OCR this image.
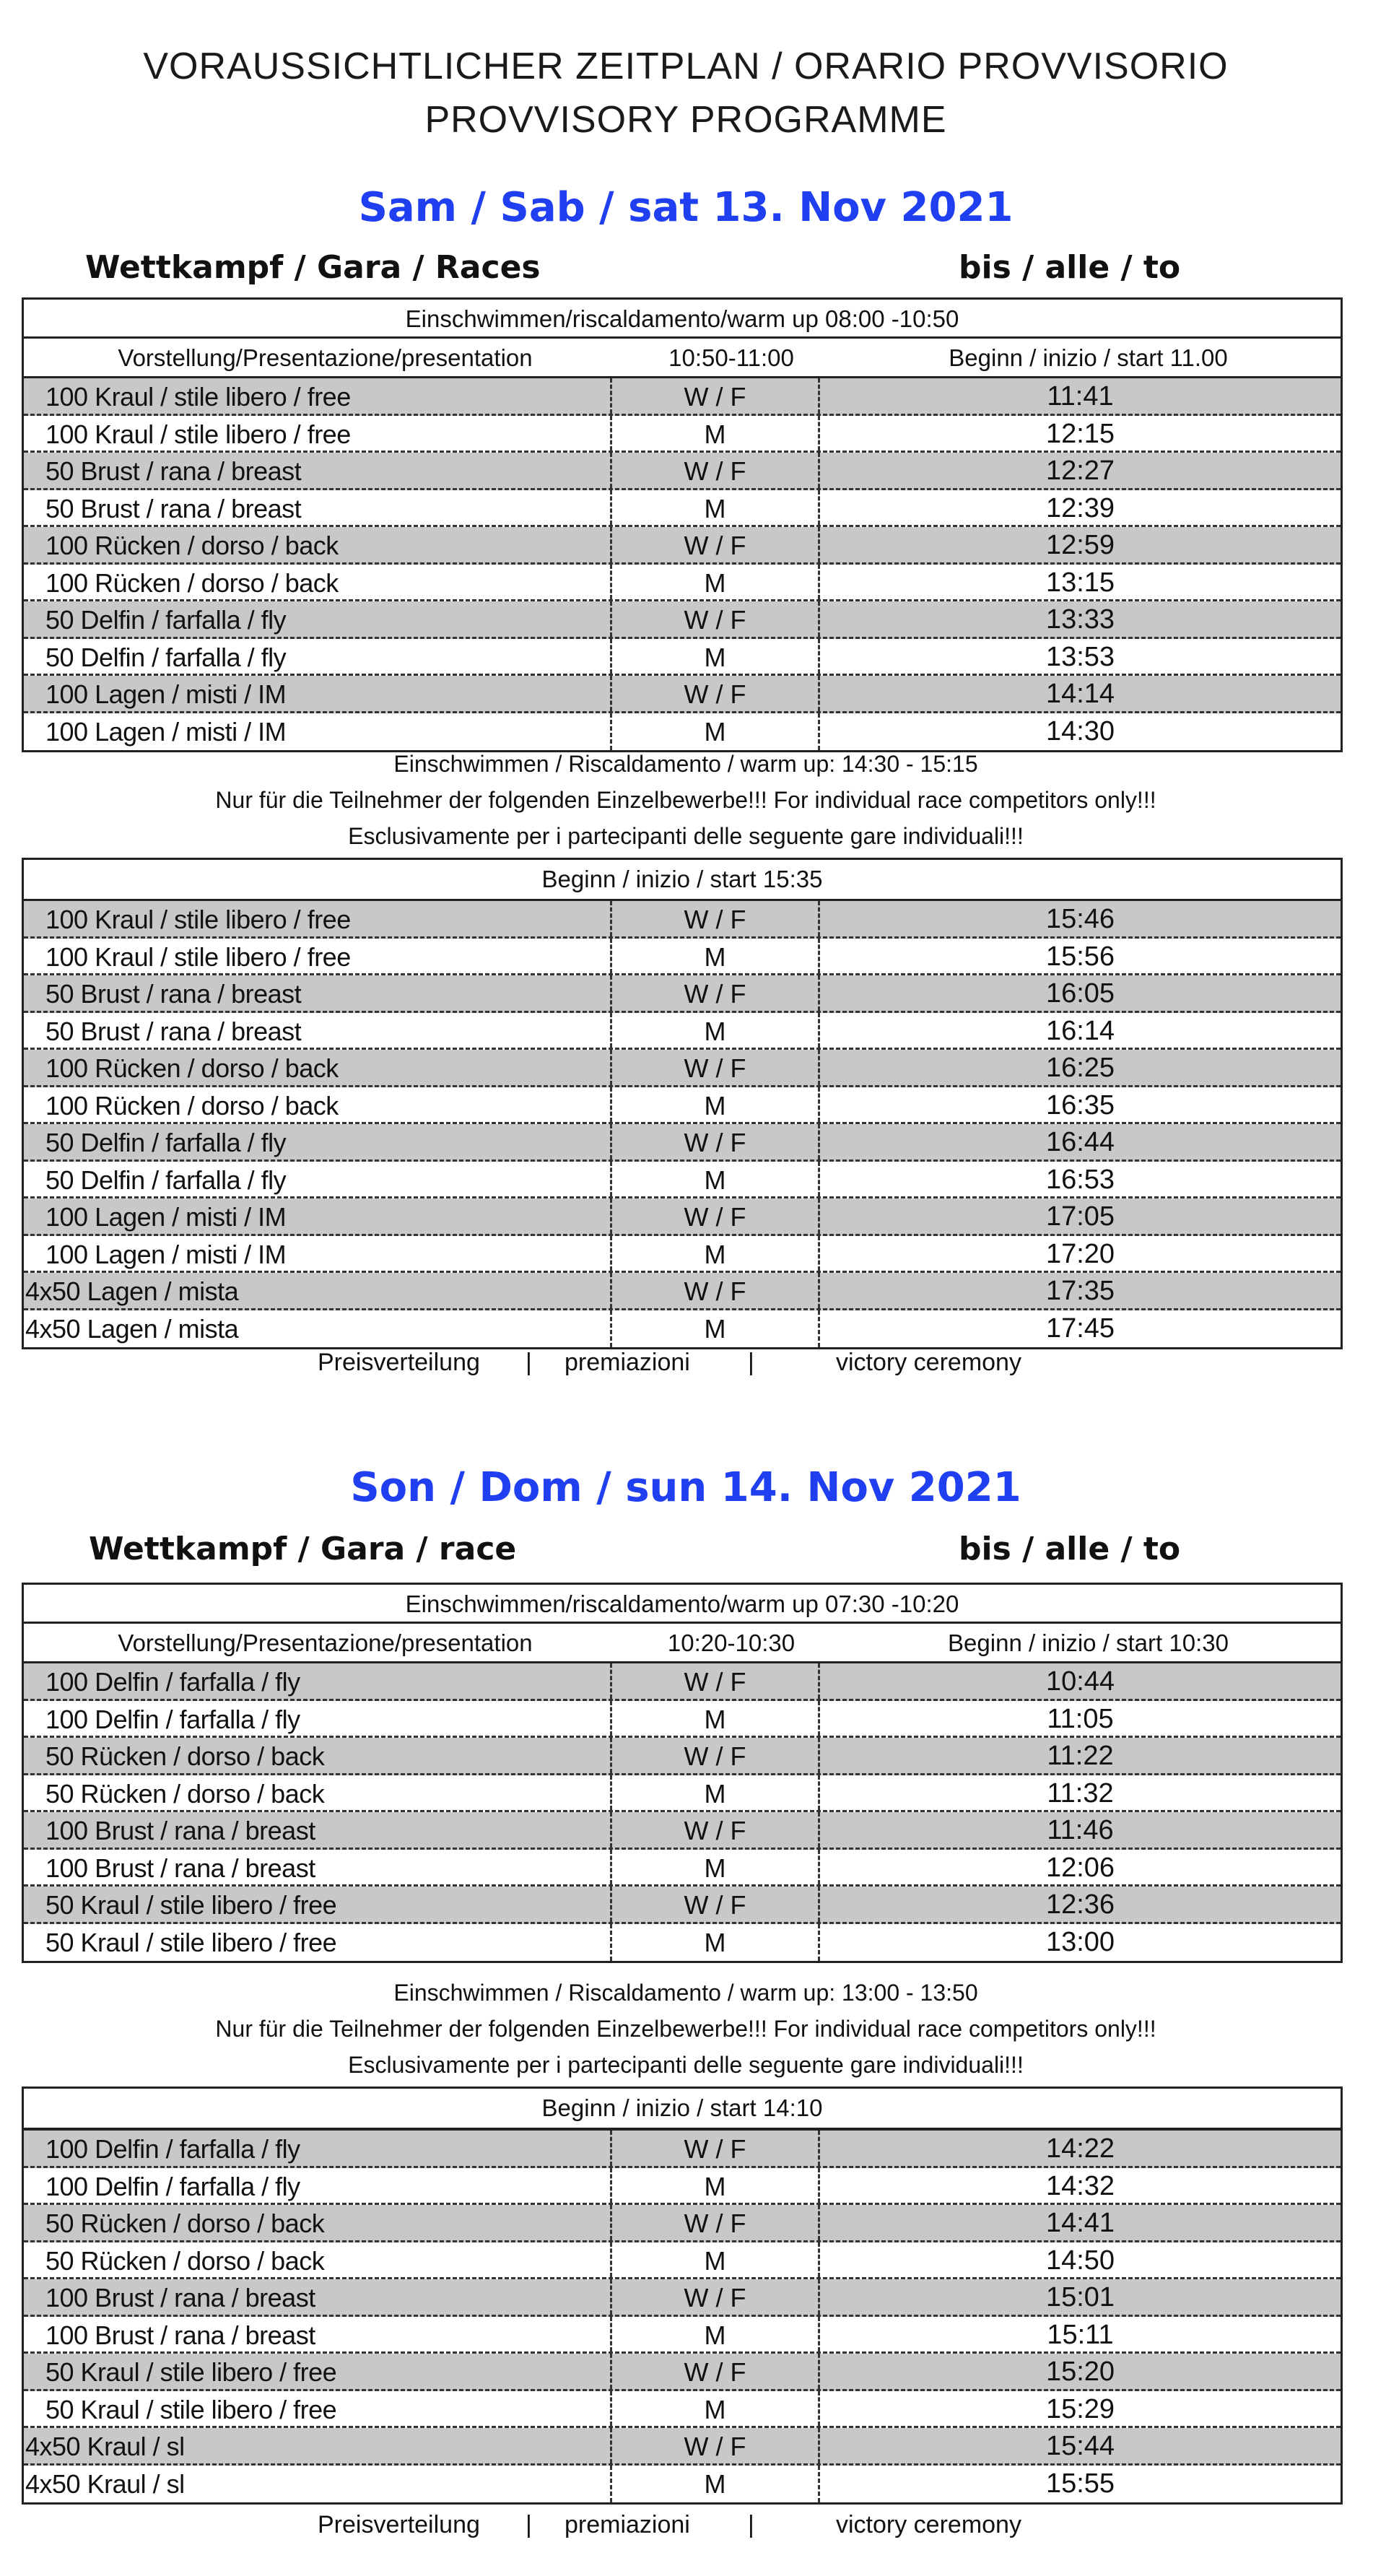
VORAUSSICHTLICHER ZEITPLAN / ORARIO PROVVISORIO
PROVVISORY PROGRAMME
Sam / Sab / sat 13. Nov 2021
Wettkampf / Gara / Races	bis / alle / to
Einschwimmen/riscaldamento/warm up 08:00 -10:50
Vorstellung/Presentazione/presentation	10:50-11:00	Beginn / inizio / start 11.00
100 Kraul / stile libero / free	W / F	11:41
100 Kraul / stile libero / free	M	12:15
50 Brust / rana / breast	W / F	12:27
50 Brust / rana / breast	M	12:39
100 Rücken / dorso / back	W / F	12:59
100 Rücken / dorso / back	M	13:15
50 Delfin / farfalla / fly	W / F	13:33
50 Delfin / farfalla / fly	M	13:53
100 Lagen / misti / IM	W / F	14:14
100 Lagen / misti / IM	M	14:30
Einschwimmen / Riscaldamento / warm up: 14:30 - 15:15
Nur für die Teilnehmer der folgenden Einzelbewerbe!!! For individual race competitors only!!!
Esclusivamente per i partecipanti delle seguente gare individuali!!!
Beginn / inizio / start 15:35
100 Kraul / stile libero / free	W / F	15:46
100 Kraul / stile libero / free	M	15:56
50 Brust / rana / breast	W / F	16:05
50 Brust / rana / breast	M	16:14
100 Rücken / dorso / back	W / F	16:25
100 Rücken / dorso / back	M	16:35
50 Delfin / farfalla / fly	W / F	16:44
50 Delfin / farfalla / fly	M	16:53
100 Lagen / misti / IM	W / F	17:05
100 Lagen / misti / IM	M	17:20
4x50 Lagen / mista	W / F	17:35
4x50 Lagen / mista	M	17:45
Preisverteilung | premiazioni |	victory ceremony
Son / Dom / sun 14. Nov 2021
Wettkampf / Gara / race	bis / alle / to
Einschwimmen/riscaldamento/warm up 07:30 -10:20
Vorstellung/Presentazione/presentation	10:20-10:30	Beginn / inizio / start 10:30
100 Delfin / farfalla / fly	W / F	10:44
100 Delfin / farfalla / fly	M	11:05
50 Rücken / dorso / back	W / F	11:22
50 Rücken / dorso / back	M	11:32
100 Brust / rana / breast	W / F	11:46
100 Brust / rana / breast	M	12:06
50 Kraul / stile libero / free	W / F	12:36
50 Kraul / stile libero / free	M	13:00
Einschwimmen / Riscaldamento / warm up: 13:00 - 13:50
Nur für die Teilnehmer der folgenden Einzelbewerbe!!! For individual race competitors only!!!
Esclusivamente per i partecipanti delle seguente gare individuali!!!
Beginn / inizio / start 14:10
100 Delfin / farfalla / fly	W / F	14:22
100 Delfin / farfalla / fly	M	14:32
50 Rücken / dorso / back	W / F	14:41
50 Rücken / dorso / back	M	14:50
100 Brust / rana / breast	W / F	15:01
100 Brust / rana / breast	M	15:11
50 Kraul / stile libero / free	W / F	15:20
50 Kraul / stile libero / free	M	15:29
4x50 Kraul / sl	W / F	15:44
4x50 Kraul / sl	M	15:55
Preisverteilung | premiazioni |	victory ceremony
